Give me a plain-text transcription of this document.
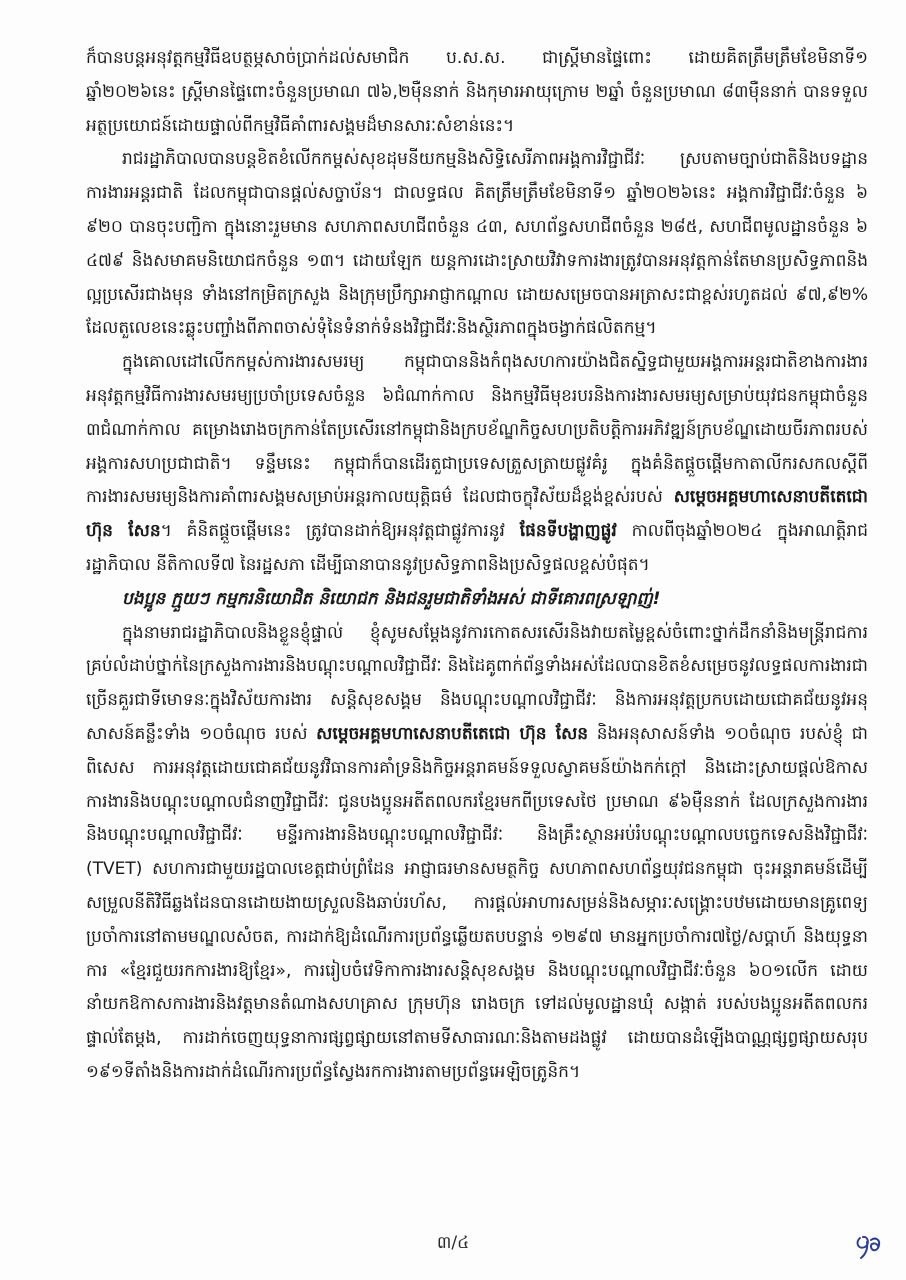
ក៏បានបន្តអនុវត្តកម្មវិធីឧបត្ថម្ភសាច់ប្រាក់ដល់សមាជិក ប.ស.ស. ជាស្ត្រីមានផ្ទៃពោះ ដោយគិតត្រឹមត្រឹមខែមិនាទី១ ឆ្នាំ២០២៦នេះ ស្ត្រីមានផ្ទៃពោះចំនួនប្រមាណ ៧៦,២ម៉ឺននាក់ និងកុមារអាយុក្រោម ២ឆ្នាំ ចំនួនប្រមាណ ៨៣ម៉ឺននាក់ បានទទួលអត្ថប្រយោជន៍ដោយផ្ទាល់ពីកម្មវិធីគាំពារសង្គមដ៏មានសារៈសំខាន់នេះ។

រាជរដ្ឋាភិបាលបានបន្តខិតខំលើកកម្ពស់សុខដុមនីយកម្មនិងសិទ្ធិសេរីភាពអង្គការវិជ្ជាជីវៈ ស្របតាមច្បាប់ជាតិនិងបទដ្ឋានការងារអន្តរជាតិ ដែលកម្ពុជាបានផ្តល់សច្ចាប័ន។ ជាលទ្ធផល គិតត្រឹមត្រឹមខែមិនាទី១ ឆ្នាំ២០២៦នេះ អង្គការវិជ្ជាជីវៈចំនួន ៦ ៩២០ បានចុះបញ្ជិកា ក្នុងនោះរួមមាន សហភាពសហជីពចំនួន ៤៣, សហព័ន្ធសហជីពចំនួន ២៨៥, សហជីពមូលដ្ឋានចំនួន ៦ ៤៧៩ និងសមាគមនិយោជកចំនួន ១៣។ ដោយឡែក យន្តការដោះស្រាយវិវាទការងារត្រូវបានអនុវត្តកាន់តែមានប្រសិទ្ធភាពនិងល្អប្រសើរជាងមុន ទាំងនៅកម្រិតក្រសួង និងក្រុមប្រឹក្សាអាជ្ញាកណ្តាល ដោយសម្រេចបានអត្រាសះជាខ្ពស់រហូតដល់ ៩៧,៩២% ដែលតួលេខនេះឆ្លុះបញ្ចាំងពីភាពចាស់ទុំនៃទំនាក់ទំនងវិជ្ជាជីវៈនិងស្ថិរភាពក្នុងចង្វាក់ផលិតកម្ម។

ក្នុងគោលដៅលើកកម្ពស់ការងារសមរម្យ កម្ពុជាបាននិងកំពុងសហការយ៉ាងជិតស្និទ្ធជាមួយអង្គការអន្តរជាតិខាងការងារ អនុវត្តកម្មវិធីការងារសមរម្យប្រចាំប្រទេសចំនួន ៦ជំណាក់កាល និងកម្មវិធីមុខរបរនិងការងារសមរម្យសម្រាប់យុវជនកម្ពុជាចំនួន ៣ជំណាក់កាល គម្រោងរោងចក្រកាន់តែប្រសើរនៅកម្ពុជានិងក្របខ័ណ្ឌកិច្ចសហប្រតិបត្តិការអភិវឌ្ឍន៍ក្របខ័ណ្ឌដោយចីរភាពរបស់អង្គការសហប្រជាជាតិ។ ទន្ទឹមនេះ កម្ពុជាក៏បានដើរតួជាប្រទេសត្រួសត្រាយផ្លូវគំរូ ក្នុងគំនិតផ្តួចផ្តើមកាតាលីករសកលស្តីពីការងារសមរម្យនិងការគាំពារសង្គមសម្រាប់អន្តរកាលយុត្តិធម៌ ដែលជាចក្ខុវិស័យដ៏ខ្ពង់ខ្ពស់របស់ សម្តេចអគ្គមហាសេនាបតីតេជោ ហ៊ុន សែន។ គំនិតផ្តួចផ្តើមនេះ ត្រូវបានដាក់ឱ្យអនុវត្តជាផ្លូវការនូវ ផែនទីបង្ហាញផ្លូវ កាលពីចុងឆ្នាំ២០២៤ ក្នុងអាណត្តិរាជរដ្ឋាភិបាល នីតិកាលទី៧ នៃរដ្ឋសភា ដើម្បីធានាបាននូវប្រសិទ្ធភាពនិងប្រសិទ្ធផលខ្ពស់បំផុត។

បងប្អូន ក្មួយៗ កម្មករនិយោជិត និយោជក និងជនរួមជាតិទាំងអស់ ជាទីគោរពស្រឡាញ់!

ក្នុងនាមរាជរដ្ឋាភិបាលនិងខ្លួនខ្ញុំផ្ទាល់ ខ្ញុំសូមសម្តែងនូវការកោតសរសើរនិងវាយតម្លៃខ្ពស់ចំពោះថ្នាក់ដឹកនាំនិងមន្ត្រីរាជការគ្រប់លំដាប់ថ្នាក់នៃក្រសួងការងារនិងបណ្តុះបណ្តាលវិជ្ជាជីវៈ និងដៃគូពាក់ព័ន្ធទាំងអស់ដែលបានខិតខំសម្រេចនូវលទ្ធផលការងារជាច្រើនគួរជាទីមោទនៈក្នុងវិស័យការងារ សន្តិសុខសង្គម និងបណ្តុះបណ្តាលវិជ្ជាជីវៈ និងការអនុវត្តប្រកបដោយជោគជ័យនូវអនុសាសន៍គន្លឹះទាំង ១០ចំណុច របស់ សម្តេចអគ្គមហាសេនាបតីតេជោ ហ៊ុន សែន និងអនុសាសន៍ទាំង ១០ចំណុច របស់ខ្ញុំ ជាពិសេស ការអនុវត្តដោយជោគជ័យនូវវិធានការគាំទ្រនិងកិច្ចអន្តរាគមន៍ទទួលស្វាគមន៍យ៉ាងកក់ក្តៅ និងដោះស្រាយផ្តល់ឱកាសការងារនិងបណ្តុះបណ្តាលជំនាញវិជ្ជាជីវៈ ជូនបងប្អូនអតីតពលករខ្មែរមកពីប្រទេសថៃ ប្រមាណ ៩៦ម៉ឺននាក់ ដែលក្រសួងការងារនិងបណ្តុះបណ្តាលវិជ្ជាជីវៈ មន្ទីរការងារនិងបណ្តុះបណ្តាលវិជ្ជាជីវៈ និងគ្រឹះស្ថានអប់រំបណ្តុះបណ្តាលបច្ចេកទេសនិងវិជ្ជាជីវៈ (TVET) សហការជាមួយរដ្ឋបាលខេត្តជាប់ព្រំដែន អាជ្ញាធរមានសមត្ថកិច្ច សហភាពសហព័ន្ធយុវជនកម្ពុជា ចុះអន្តរាគមន៍ដើម្បីសម្រួលនីតិវិធីឆ្លងដែនបានដោយងាយស្រួលនិងឆាប់រហ័ស, ការផ្តល់អាហារសម្រន់និងសម្ភារៈសង្គ្រោះបឋមដោយមានគ្រូពេទ្យប្រចាំការនៅតាមមណ្ឌលសំចត, ការដាក់ឱ្យដំណើរការប្រព័ន្ធឆ្លើយតបបន្ទាន់ ១២៩៧ មានអ្នកប្រចាំការ៧ថ្ងៃ/សប្តាហ៍ និងយុទ្ធនាការ «ខ្មែរជួយរកការងារឱ្យខ្មែរ», ការរៀបចំវេទិកាការងារសន្តិសុខសង្គម និងបណ្តុះបណ្តាលវិជ្ជាជីវៈចំនួន ៦០១លើក ដោយនាំយកឱកាសការងារនិងវត្តមានតំណាងសហគ្រាស ក្រុមហ៊ុន រោងចក្រ ទៅដល់មូលដ្ឋានឃុំ សង្កាត់ របស់បងប្អូនអតីតពលករផ្ទាល់តែម្តង, ការដាក់ចេញយុទ្ធនាការផ្សព្វផ្សាយនៅតាមទីសាធារណៈនិងតាមដងផ្លូវ ដោយបានដំឡើងបាណ្ណផ្សព្វផ្សាយសរុប ១៩១ទីតាំងនិងការដាក់ដំណើរការប្រព័ន្ធស្វែងរកការងារតាមប្រព័ន្ធអេឡិចត្រូនិក។

៣/៤
